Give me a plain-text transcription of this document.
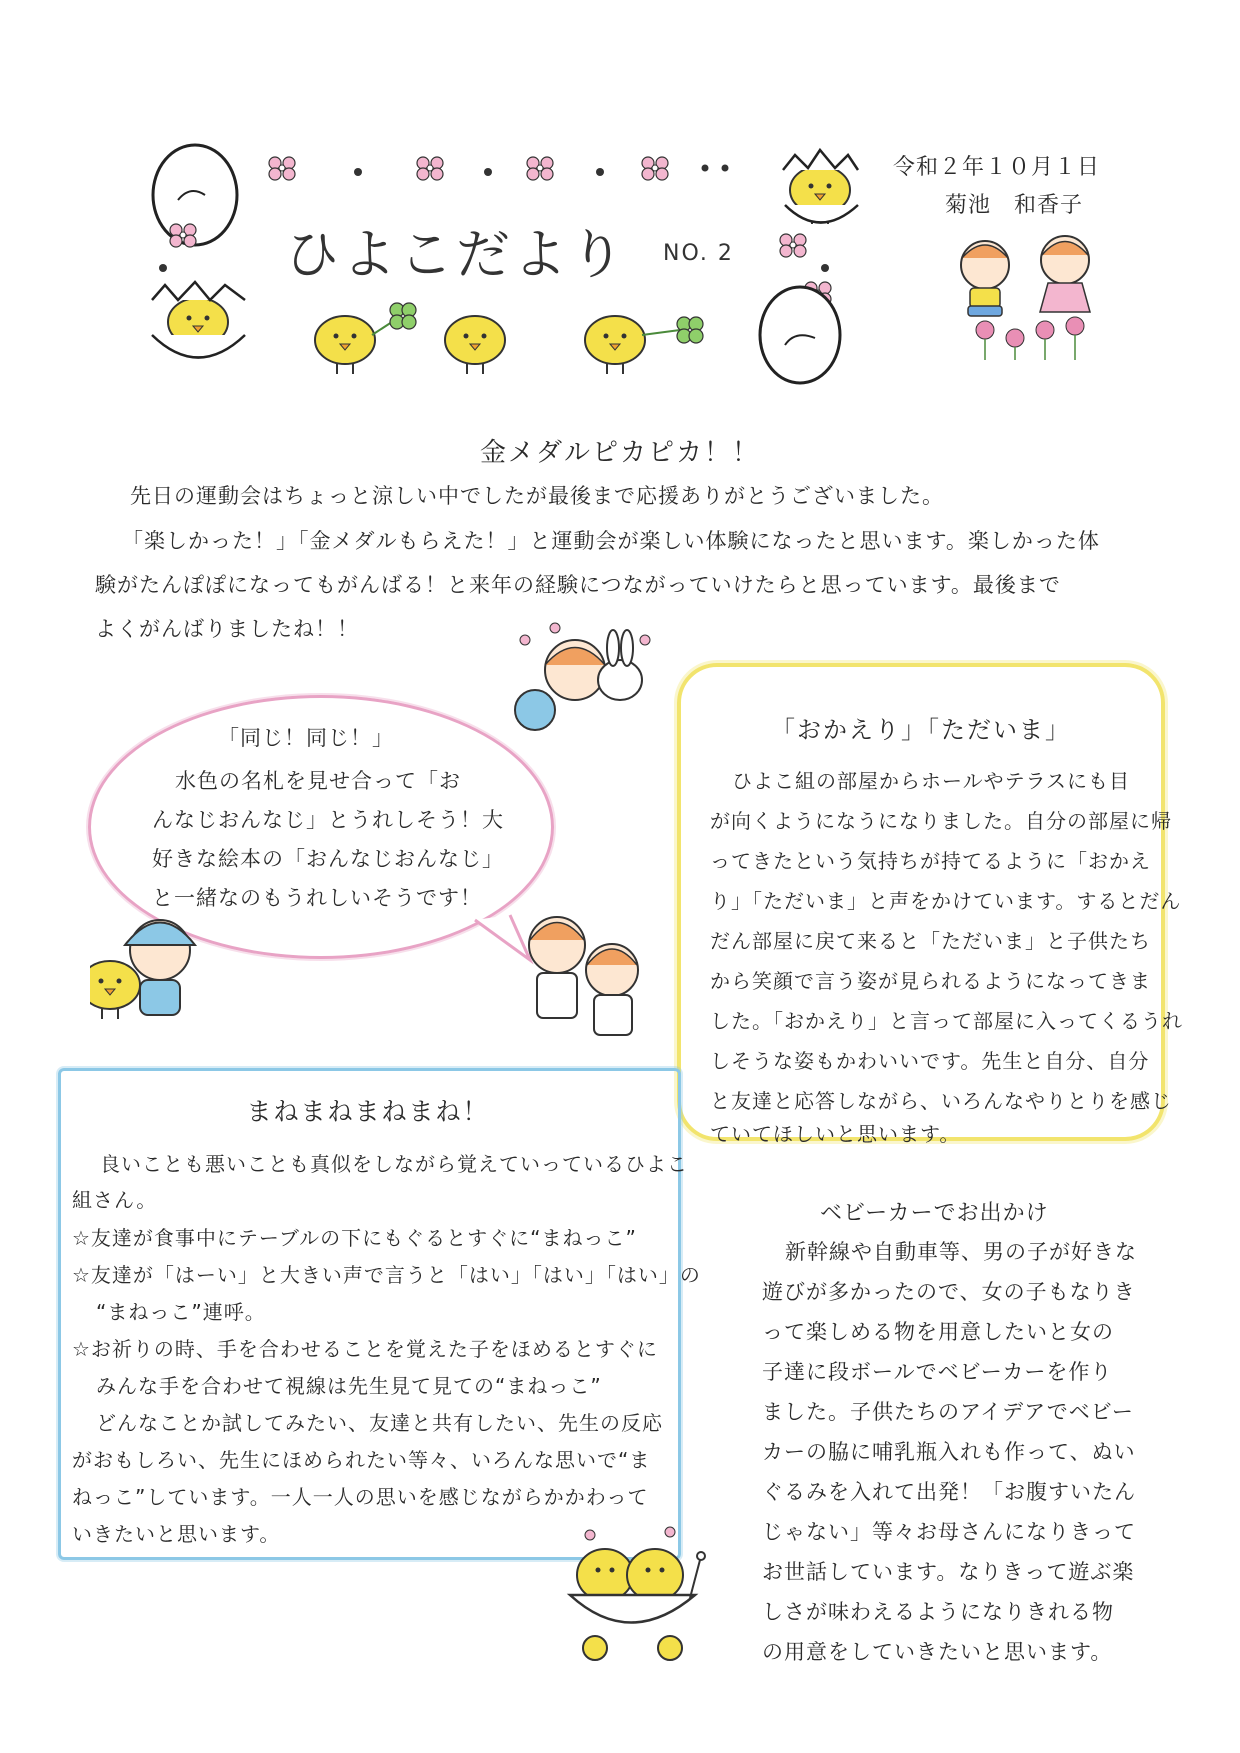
ひよこだより NO. 2
令和２年１０月１日
菊池　和香子
金メダルピカピカ！！
先日の運動会はちょっと涼しい中でしたが最後まで応援ありがとうございました。
「楽しかった！」「金メダルもらえた！」と運動会が楽しい体験になったと思います。楽しかった体
験がたんぽぽになってもがんばる！と来年の経験につながっていけたらと思っています。最後まで
よくがんばりましたね！！
「同じ！同じ！」
水色の名札を見せ合って「お
んなじおんなじ」とうれしそう！大
好きな絵本の「おんなじおんなじ」
と一緒なのもうれしいそうです！
「おかえり」「ただいま」
ひよこ組の部屋からホールやテラスにも目
が向くようになうになりました。自分の部屋に帰
ってきたという気持ちが持てるように「おかえ
り」「ただいま」と声をかけています。するとだん
だん部屋に戻て来ると「ただいま」と子供たち
から笑顔で言う姿が見られるようになってきま
した。「おかえり」と言って部屋に入ってくるうれ
しそうな姿もかわいいです。先生と自分、自分
と友達と応答しながら、いろんなやりとりを感じ
ていてほしいと思います。
まねまねまねまね！
良いことも悪いことも真似をしながら覚えていっているひよこ
組さん。
☆友達が食事中にテーブルの下にもぐるとすぐに“まねっこ”
☆友達が「はーい」と大きい声で言うと「はい」「はい」「はい」の
“まねっこ”連呼。
☆お祈りの時、手を合わせることを覚えた子をほめるとすぐに
みんな手を合わせて視線は先生見て見ての“まねっこ”
どんなことか試してみたい、友達と共有したい、先生の反応
がおもしろい、先生にほめられたい等々、いろんな思いで“ま
ねっこ”しています。一人一人の思いを感じながらかかわって
いきたいと思います。
ベビーカーでお出かけ
新幹線や自動車等、男の子が好きな
遊びが多かったので、女の子もなりき
って楽しめる物を用意したいと女の
子達に段ボールでベビーカーを作り
ました。子供たちのアイデアでベビー
カーの脇に哺乳瓶入れも作って、ぬい
ぐるみを入れて出発！「お腹すいたん
じゃない」等々お母さんになりきって
お世話しています。なりきって遊ぶ楽
しさが味わえるようになりきれる物
の用意をしていきたいと思います。
